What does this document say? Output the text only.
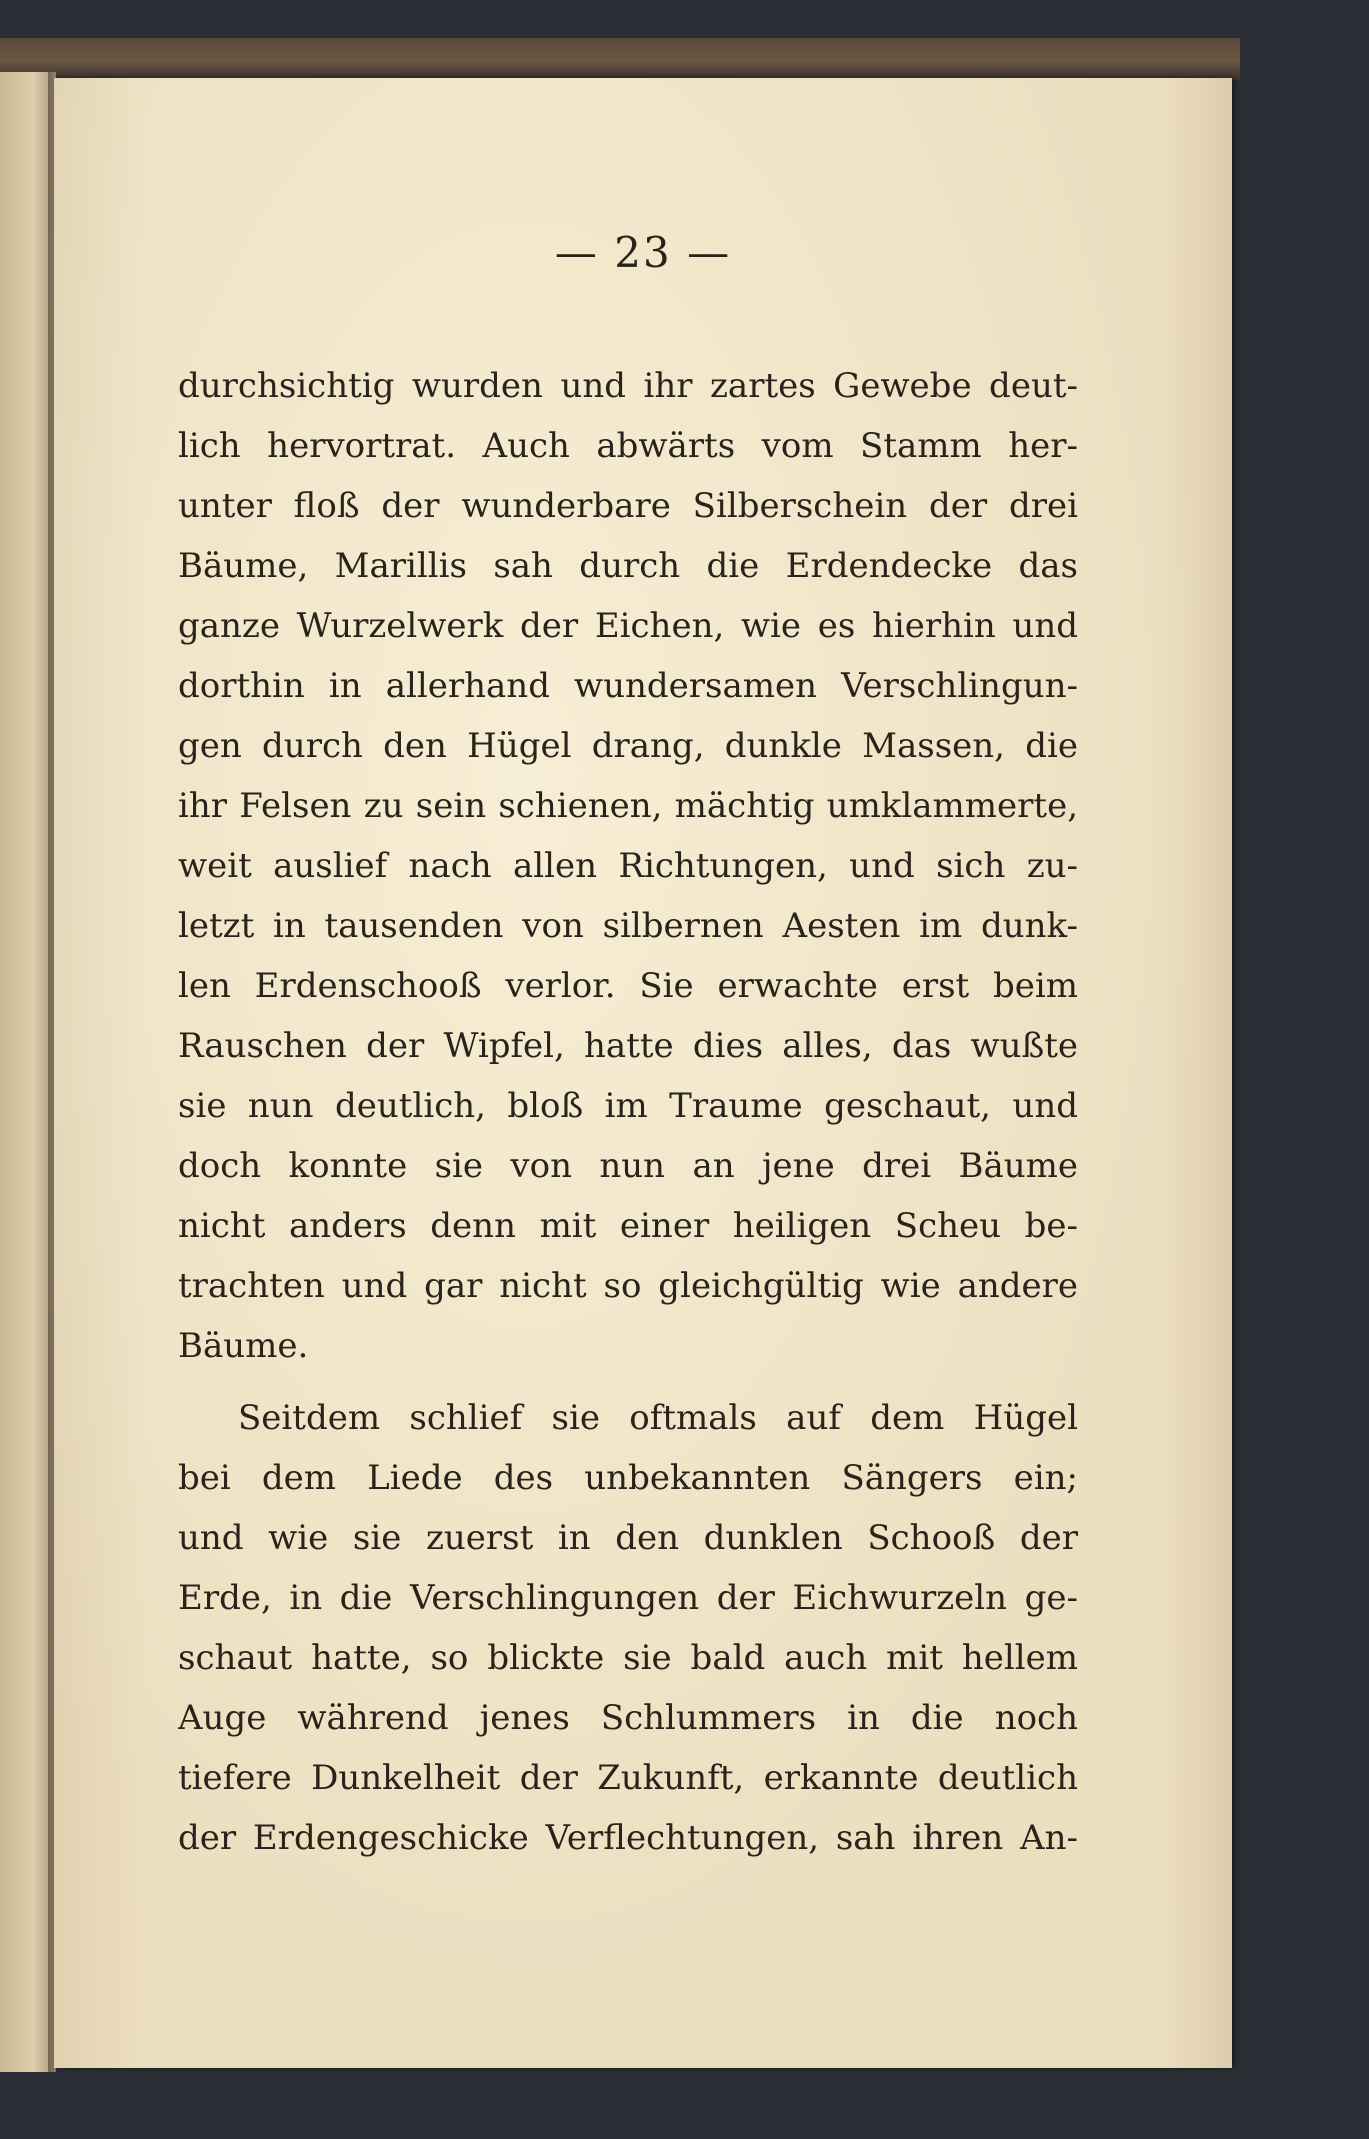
— 23 —

durchsichtig wurden und ihr zartes Gewebe deut-
lich hervortrat. Auch abwärts vom Stamm her-
unter floß der wunderbare Silberschein der drei
Bäume, Marillis sah durch die Erdendecke das
ganze Wurzelwerk der Eichen, wie es hierhin und
dorthin in allerhand wundersamen Verschlingun-
gen durch den Hügel drang, dunkle Massen, die
ihr Felsen zu sein schienen, mächtig umklammerte,
weit auslief nach allen Richtungen, und sich zu-
letzt in tausenden von silbernen Aesten im dunk-
len Erdenschooß verlor. Sie erwachte erst beim
Rauschen der Wipfel, hatte dies alles, das wußte
sie nun deutlich, bloß im Traume geschaut, und
doch konnte sie von nun an jene drei Bäume
nicht anders denn mit einer heiligen Scheu be-
trachten und gar nicht so gleichgültig wie andere
Bäume.
Seitdem schlief sie oftmals auf dem Hügel
bei dem Liede des unbekannten Sängers ein;
und wie sie zuerst in den dunklen Schooß der
Erde, in die Verschlingungen der Eichwurzeln ge-
schaut hatte, so blickte sie bald auch mit hellem
Auge während jenes Schlummers in die noch
tiefere Dunkelheit der Zukunft, erkannte deutlich
der Erdengeschicke Verflechtungen, sah ihren An-
